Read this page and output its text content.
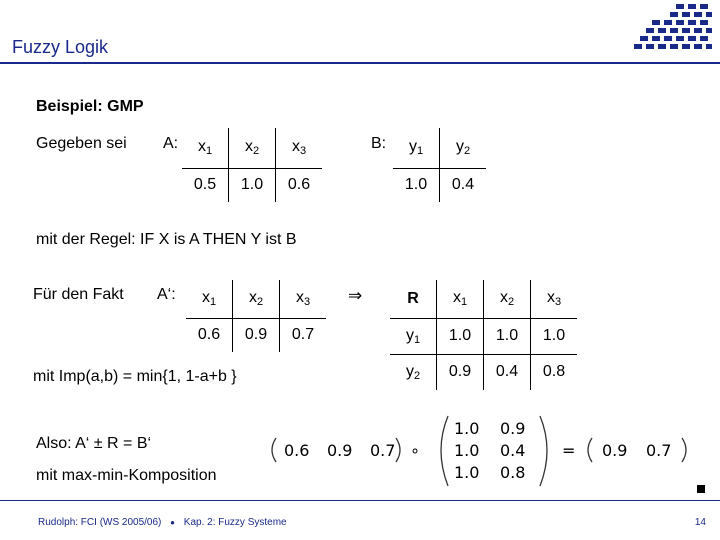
Fuzzy Logik
Beispiel: GMP
Gegeben sei A: $x_1$	$x_2$	$x_3$
0.5	1.0	0.6
B: $y_1$	$y_2$
1.0	0.4
mit der Regel: IF X is A THEN Y ist B
Für den Fakt A‘: $x_1$	$x_2$	$x_3$
0.6	0.9	0.7
⇒	R	$x_1$	$x_2$	$x_3$
$y_1$	1.0	1.0	1.0
$y_2$	0.9	0.4	0.8
mit Imp(a,b) = min{1, 1-a+b }
Also: A‘ ± R = B‘
mit max-min-Komposition
0.6 0.9 0.7 ∘
1.0 0.9
1.0 0.4
1.0 0.8
= 0.9 0.7
Rudolph: FCI (WS 2005/06) ● Kap. 2: Fuzzy Systeme	14
